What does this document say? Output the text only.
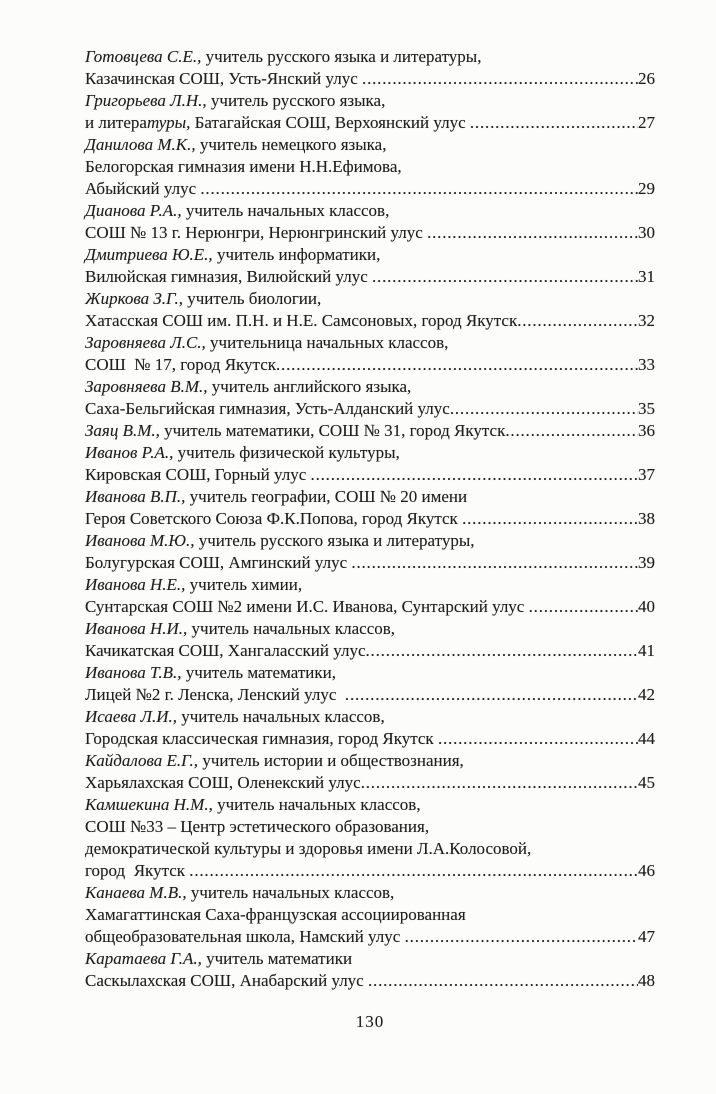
Готовцева С.Е., учитель русского языка и литературы,
Казачинская СОШ, Усть-Янский улус .....	26
Григорьева Л.Н., учитель русского языка,
и литера туры, Батагайская СОШ, Верхоянский улус .....	27
Данилова М.К., учитель немецкого языка,
Белогорская гимназия имени Н.Н.Ефимова,
Абыйский улус .....	29
Дианова Р.А., учитель начальных классов,
СОШ № 13 г. Нерюнгри, Нерюнгринский улус .....	30
Дмитриева Ю.Е., учитель информатики,
Вилюйская гимназия, Вилюйский улус .....	31
Жиркова З.Г., учитель биологии,
Хатасская СОШ им. П.Н. и Н.Е. Самсоновых, город Якутск .....	32
Заровняева Л.С., учительница начальных классов,
СОШ  № 17, город Якутск .....	33
Заровняева В.М., учитель английского языка,
Саха-Бельгийская гимназия, Усть-Алданский улус .....	35
Заяц В.М., учитель математики, СОШ № 31, город Якутск .....	36
Иванов Р.А., учитель физической культуры,
Кировская СОШ, Горный улус .....	37
Иванова В.П., учитель географии, СОШ № 20 имени
Героя Советского Союза Ф.К.Попова, город Якутск .....	38
Иванова М.Ю., учитель русского языка и литературы,
Болугурская СОШ, Амгинский улус .....	39
Иванова Н.Е., учитель химии,
Сунтарская СОШ №2 имени И.С. Иванова, Сунтарский улус .....	40
Иванова Н.И., учитель начальных классов,
Качикатская СОШ, Хангаласский улус .....	41
Иванова Т.В., учитель математики,
Лицей №2 г. Ленска, Ленский улус .....	42
Исаева Л.И., учитель начальных классов,
Городская классическая гимназия, город Якутск .....	44
Кайдалова Е.Г., учитель истории и обществознания,
Харьялахская СОШ, Оленекский улус .....	45
Камшекина Н.М., учитель начальных классов,
СОШ №33 – Центр эстетического образования,
демократической культуры и здоровья имени Л.А.Колосовой,
город  Якутск .....	46
Канаева М.В., учитель начальных классов,
Хамагаттинская Саха-французская ассоциированная
общеобразовательная школа, Намский улус .....	47
Каратаева Г.А., учитель математики
Саскылахская СОШ, Анабарский улус .....	48
130
